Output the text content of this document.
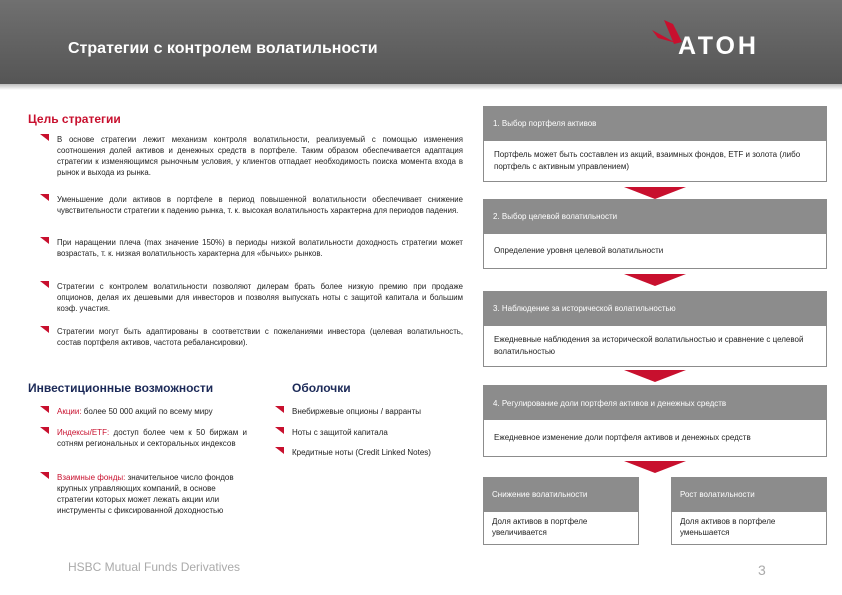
Стратегии с контролем волатильности	АТОН
Цель стратегии
В основе стратегии лежит механизм контроля волатильности, реализуемый с помощью изменения соотношения долей активов и денежных средств в портфеле. Таким образом обеспечивается адаптация стратегии к изменяющимся рыночным условия, у клиентов отпадает необходимость поиска момента входа в рынок и выхода из рынка.
Уменьшение доли активов в портфеле в период повышенной волатильности обеспечивает снижение чувствительности стратегии к падению рынка, т. к. высокая волатильность характерна для периодов падения.
При наращении плеча (max значение 150%) в периоды низкой волатильности доходность стратегии может возрастать, т. к. низкая волатильность характерна для «бычьих» рынков.
Стратегии с контролем волатильности позволяют дилерам брать более низкую премию при продаже опционов, делая их дешевыми для инвесторов и позволяя выпускать ноты с защитой капитала и большим коэф. участия.
Стратегии могут быть адаптированы в соответствии с пожеланиями инвестора (целевая волатильность, состав портфеля активов, частота ребалансировки).
Инвестиционные возможности
Акции: более 50 000 акций по всему миру
Индексы/ETF: доступ более чем к 50 биржам и сотням региональных и секторальных индексов
Взаимные фонды: значительное число фондов крупных управляющих компаний, в основе стратегии которых может лежать акции или инструменты с фиксированной доходностью
Оболочки
Внебиржевые опционы / варранты
Ноты с защитой капитала
Кредитные ноты (Credit Linked Notes)
1. Выбор портфеля активов
Портфель может быть составлен из акций, взаимных фондов, ETF и золота (либо портфель с активным управлением)
2. Выбор целевой волатильности
Определение уровня целевой волатильности
3. Наблюдение за исторической волатильностью
Ежедневные наблюдения за исторической волатильностью и сравнение с целевой волатильностью
4. Регулирование доли портфеля активов и денежных средств
Ежедневное изменение доли портфеля активов и денежных средств
Снижение волатильности
Доля активов в портфеле увеличивается
Рост волатильности
Доля активов в портфеле уменьшается
HSBC Mutual Funds Derivatives	3
